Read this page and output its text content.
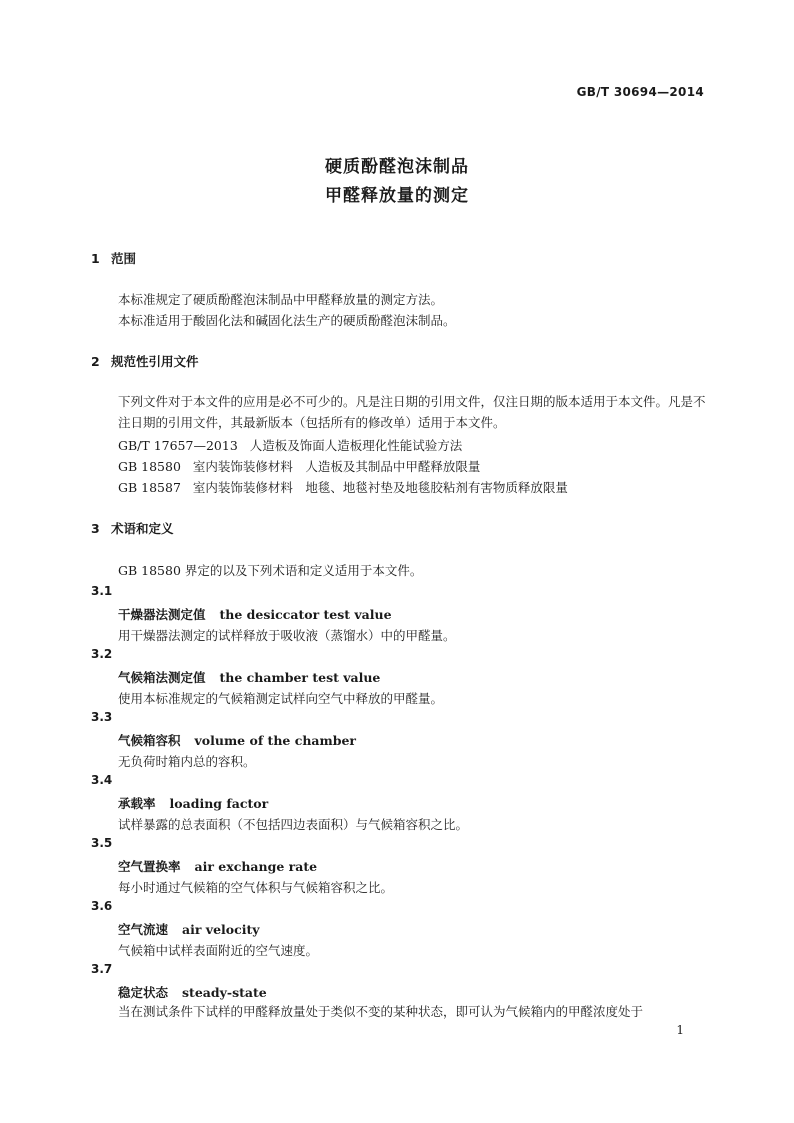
GB/T 30694—2014
硬质酚醛泡沫制品
甲醛释放量的测定
1 范围
本标准规定了硬质酚醛泡沫制品中甲醛释放量的测定方法。
本标准适用于酸固化法和碱固化法生产的硬质酚醛泡沫制品。
2 规范性引用文件
下列文件对于本文件的应用是必不可少的。凡是注日期的引用文件，仅注日期的版本适用于本文件。凡是不注日期的引用文件，其最新版本（包括所有的修改单）适用于本文件。
GB/T 17657—2013 人造板及饰面人造板理化性能试验方法
GB 18580 室内装饰装修材料　人造板及其制品中甲醛释放限量
GB 18587 室内装饰装修材料　地毯、地毯衬垫及地毯胶粘剂有害物质释放限量
3 术语和定义
GB 18580 界定的以及下列术语和定义适用于本文件。
3.1
干燥器法测定值 the desiccator test value
用干燥器法测定的试样释放于吸收液（蒸馏水）中的甲醛量。
3.2
气候箱法测定值 the chamber test value
使用本标准规定的气候箱测定试样向空气中释放的甲醛量。
3.3
气候箱容积 volume of the chamber
无负荷时箱内总的容积。
3.4
承载率 loading factor
试样暴露的总表面积（不包括四边表面积）与气候箱容积之比。
3.5
空气置换率 air exchange rate
每小时通过气候箱的空气体积与气候箱容积之比。
3.6
空气流速 air velocity
气候箱中试样表面附近的空气速度。
3.7
稳定状态 steady-state
当在测试条件下试样的甲醛释放量处于类似不变的某种状态，即可认为气候箱内的甲醛浓度处于
1
